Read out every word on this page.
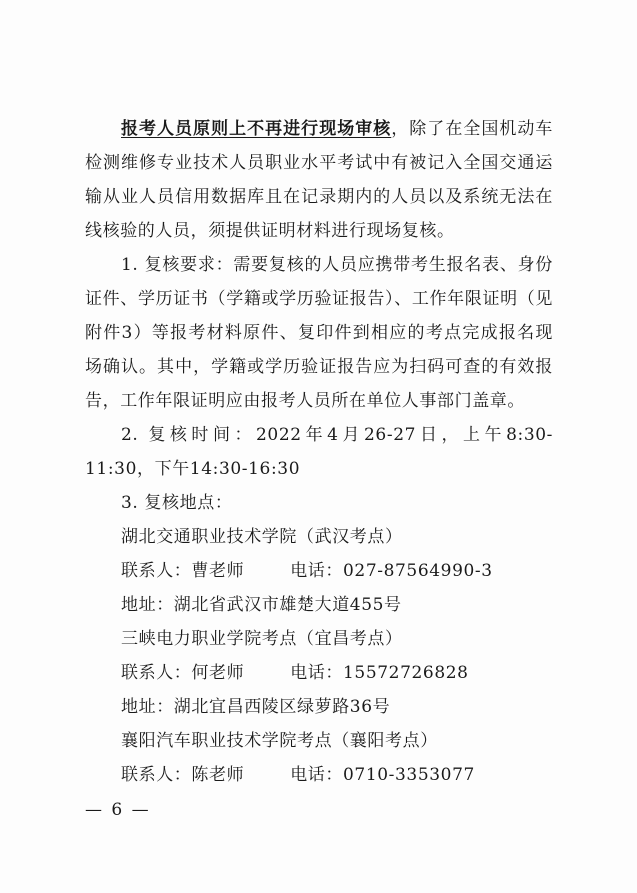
报考人员原则上不再进行现场审核，除了在全国机动车检测维修专业技术人员职业水平考试中有被记入全国交通运输从业人员信用数据库且在记录期内的人员以及系统无法在线核验的人员，须提供证明材料进行现场复核。

1. 复核要求：需要复核的人员应携带考生报名表、身份证件、学历证书（学籍或学历验证报告）、工作年限证明（见附件3）等报考材料原件、复印件到相应的考点完成报名现场确认。其中，学籍或学历验证报告应为扫码可查的有效报告，工作年限证明应由报考人员所在单位人事部门盖章。

2. 复核时间：2022年4月26-27日，上午8:30-11:30，下午14:30-16:30

3. 复核地点：

湖北交通职业技术学院（武汉考点）

联系人：曹老师	电话：027-87564990-3

地址：湖北省武汉市雄楚大道455号

三峡电力职业学院考点（宜昌考点）

联系人：何老师	电话：15572726828

地址：湖北宜昌西陵区绿萝路36号

襄阳汽车职业技术学院考点（襄阳考点）

联系人：陈老师	电话：0710-3353077

— 6 —
